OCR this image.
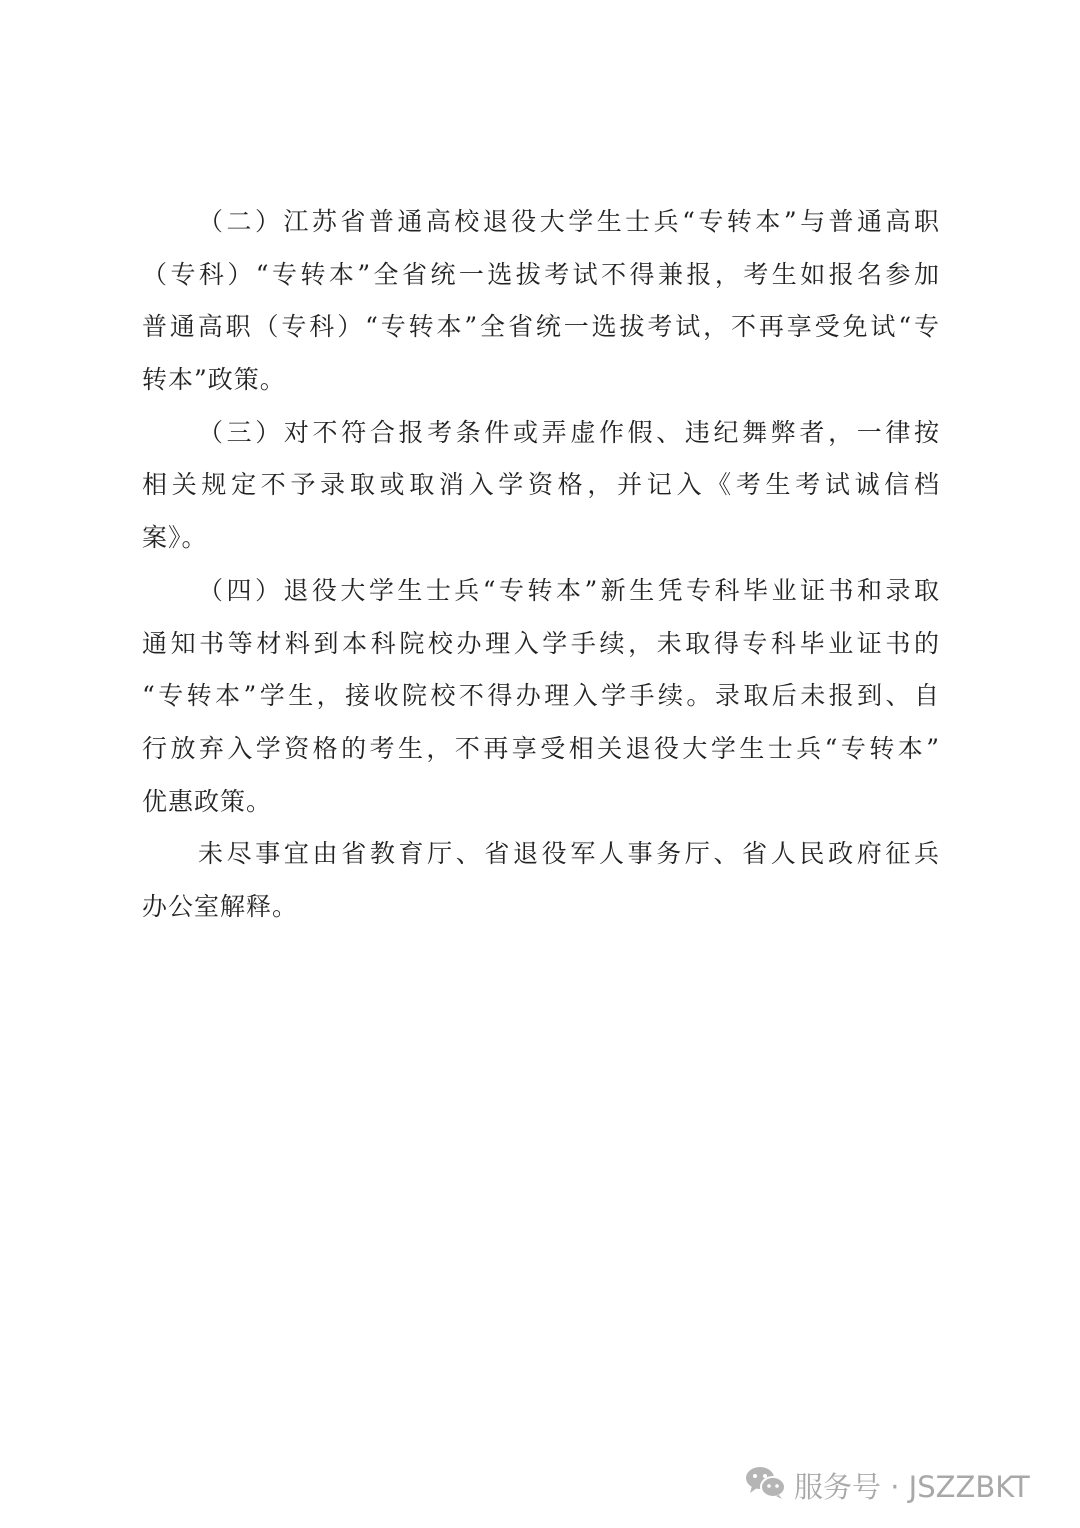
（二）江苏省普通高校退役大学生士兵“专转本”与普通高职
（专科）“专转本”全省统一选拔考试不得兼报，考生如报名参加
普通高职（专科）“专转本”全省统一选拔考试，不再享受免试“专
转本”政策。
（三）对不符合报考条件或弄虚作假、违纪舞弊者，一律按
相关规定不予录取或取消入学资格，并记入《考生考试诚信档
案》。
（四）退役大学生士兵“专转本”新生凭专科毕业证书和录取
通知书等材料到本科院校办理入学手续，未取得专科毕业证书的
“专转本”学生，接收院校不得办理入学手续。录取后未报到、自
行放弃入学资格的考生，不再享受相关退役大学生士兵“专转本”
优惠政策。
未尽事宜由省教育厅、省退役军人事务厅、省人民政府征兵
办公室解释。
服务号 · JSZZBKT
